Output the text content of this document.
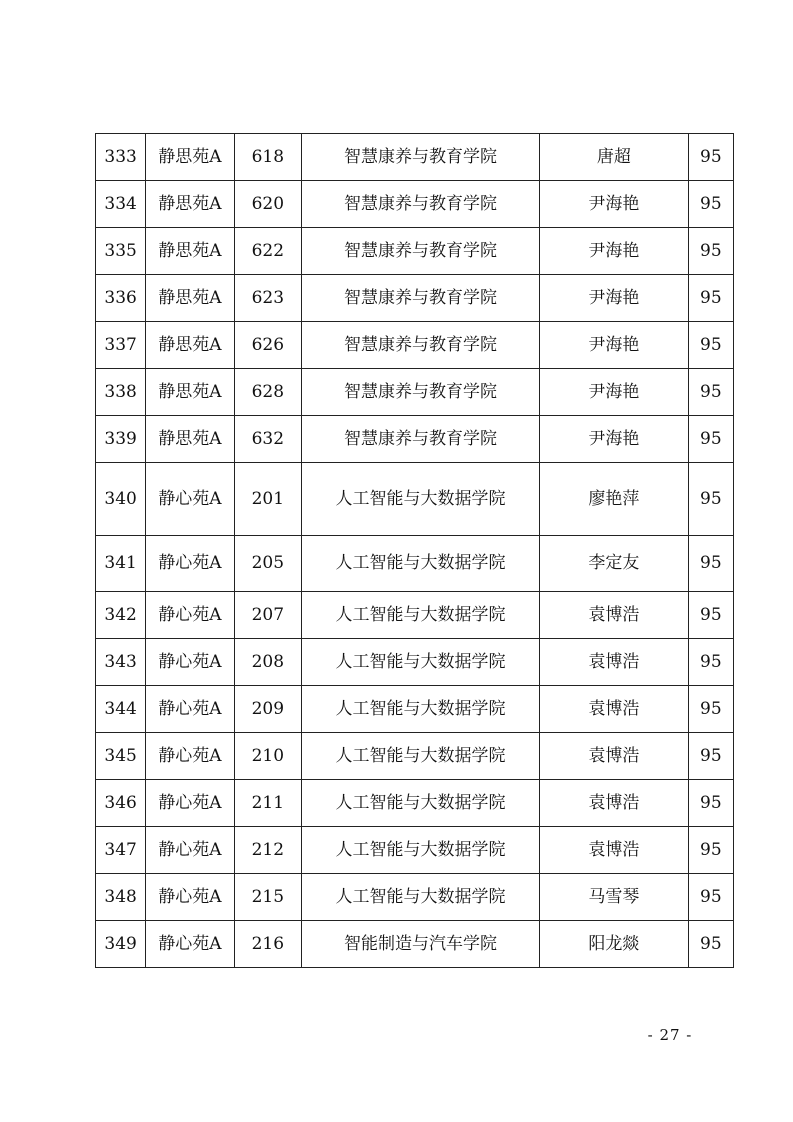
333	静思苑A	618	智慧康养与教育学院	唐超	95
334	静思苑A	620	智慧康养与教育学院	尹海艳	95
335	静思苑A	622	智慧康养与教育学院	尹海艳	95
336	静思苑A	623	智慧康养与教育学院	尹海艳	95
337	静思苑A	626	智慧康养与教育学院	尹海艳	95
338	静思苑A	628	智慧康养与教育学院	尹海艳	95
339	静思苑A	632	智慧康养与教育学院	尹海艳	95
340	静心苑A	201	人工智能与大数据学院	廖艳萍	95
341	静心苑A	205	人工智能与大数据学院	李定友	95
342	静心苑A	207	人工智能与大数据学院	袁博浩	95
343	静心苑A	208	人工智能与大数据学院	袁博浩	95
344	静心苑A	209	人工智能与大数据学院	袁博浩	95
345	静心苑A	210	人工智能与大数据学院	袁博浩	95
346	静心苑A	211	人工智能与大数据学院	袁博浩	95
347	静心苑A	212	人工智能与大数据学院	袁博浩	95
348	静心苑A	215	人工智能与大数据学院	马雪琴	95
349	静心苑A	216	智能制造与汽车学院	阳龙燚	95
- 27 -
